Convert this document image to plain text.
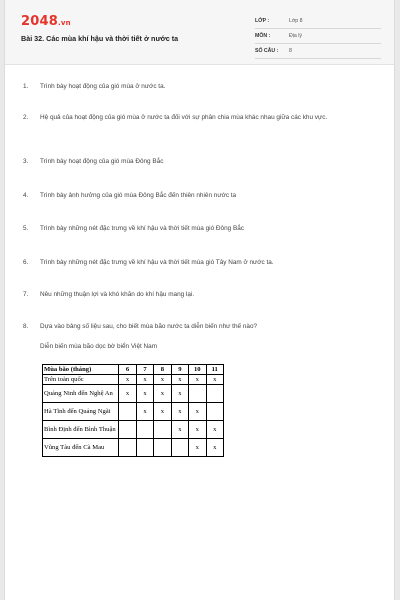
2048.vn
Bài 32. Các mùa khí hậu và thời tiết ở nước ta
LỚP :	Lớp 8
MÔN :	Địa lý
SỐ CÂU : 8
1. Trình bày hoạt động của gió mùa ở nước ta.
2. Hệ quả của hoạt động của gió mùa ở nước ta đối với sự phân chia mùa khác nhau giữa các khu vực.
3. Trình bày hoạt động của gió mùa Đông Bắc
4. Trình bày ảnh hưởng của gió mùa Đông Bắc đến thiên nhiên nước ta
5. Trình bày những nét đặc trưng về khí hậu và thời tiết mùa gió Đông Bắc
6. Trình bày những nét đặc trưng về khí hậu và thời tiết mùa gió Tây Nam ở nước ta.
7. Nêu những thuận lợi và khó khăn do khí hậu mang lại.
8. Dựa vào bảng số liệu sau, cho biết mùa bão nước ta diễn biến như thế nào?
Diễn biến mùa bão dọc bờ biển Việt Nam
Mùa bão (tháng)	6	7	8	9	10	11
Trên toàn quốc	x	x	x	x	x	x
Quảng Ninh đến Nghệ An	x	x	x	x		
Hà Tĩnh đến Quảng Ngãi		x	x	x	x	
Bình Định đến Bình Thuận				x	x	x
Vũng Tàu đến Cà Mau					x	x
